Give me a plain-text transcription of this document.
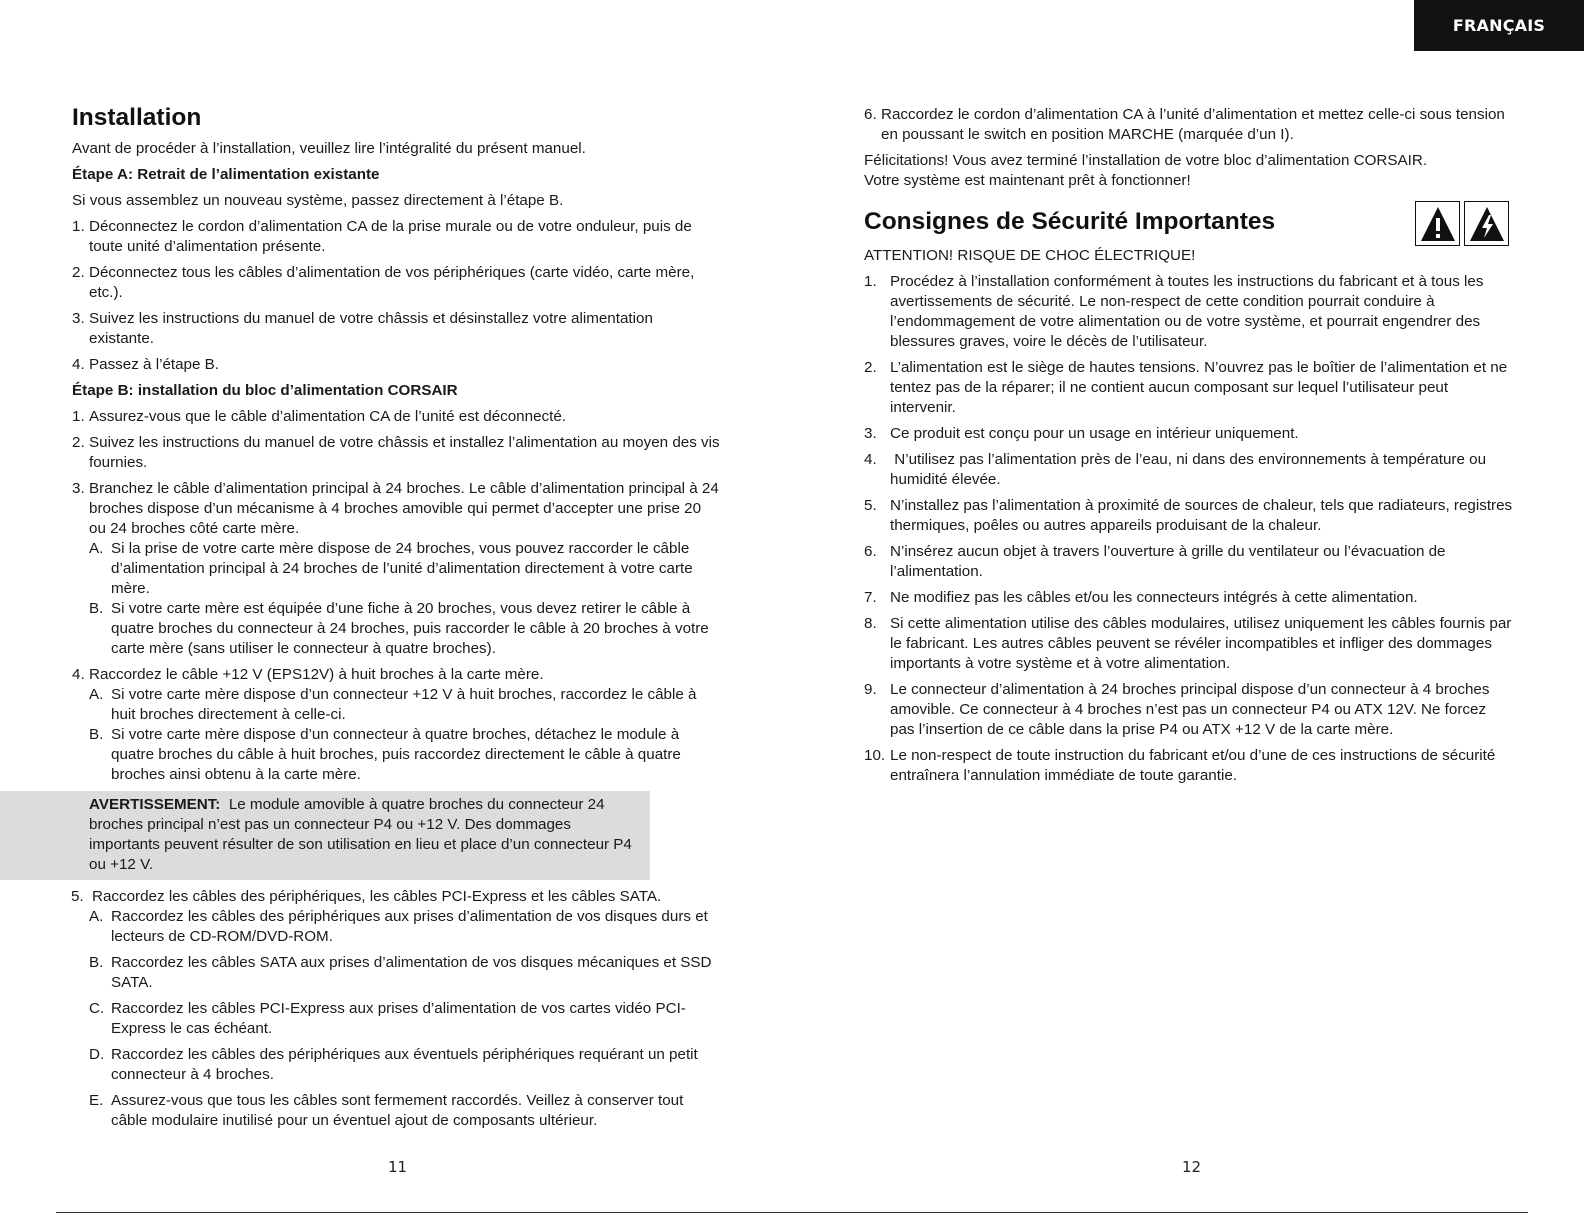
FRANÇAIS

Installation

Avant de procéder à l’installation, veuillez lire l’intégralité du présent manuel.

Étape A: Retrait de l’alimentation existante

Si vous assemblez un nouveau système, passez directement à l’étape B.

1. Déconnectez le cordon d’alimentation CA de la prise murale ou de votre onduleur, puis de toute unité d’alimentation présente.
2. Déconnectez tous les câbles d’alimentation de vos périphériques (carte vidéo, carte mère, etc.).
3. Suivez les instructions du manuel de votre châssis et désinstallez votre alimentation existante.
4. Passez à l’étape B.

Étape B: installation du bloc d’alimentation CORSAIR

1. Assurez-vous que le câble d’alimentation CA de l’unité est déconnecté.
2. Suivez les instructions du manuel de votre châssis et installez l’alimentation au moyen des vis fournies.
3. Branchez le câble d’alimentation principal à 24 broches. Le câble d’alimentation principal à 24 broches dispose d’un mécanisme à 4 broches amovible qui permet d’accepter une prise 20 ou 24 broches côté carte mère.
A. Si la prise de votre carte mère dispose de 24 broches, vous pouvez raccorder le câble d’alimentation principal à 24 broches de l’unité d’alimentation directement à votre carte mère.
B. Si votre carte mère est équipée d’une fiche à 20 broches, vous devez retirer le câble à quatre broches du connecteur à 24 broches, puis raccorder le câble à 20 broches à votre carte mère (sans utiliser le connecteur à quatre broches).
4. Raccordez le câble +12 V (EPS12V) à huit broches à la carte mère.
A. Si votre carte mère dispose d’un connecteur +12 V à huit broches, raccordez le câble à huit broches directement à celle-ci.
B. Si votre carte mère dispose d’un connecteur à quatre broches, détachez le module à quatre broches du câble à huit broches, puis raccordez directement le câble à quatre broches ainsi obtenu à la carte mère.
AVERTISSEMENT: Le module amovible à quatre broches du connecteur 24 broches principal n’est pas un connecteur P4 ou +12 V. Des dommages importants peuvent résulter de son utilisation en lieu et place d’un connecteur P4 ou +12 V.
5. Raccordez les câbles des périphériques, les câbles PCI-Express et les câbles SATA.
A. Raccordez les câbles des périphériques aux prises d’alimentation de vos disques durs et lecteurs de CD-ROM/DVD-ROM.
B. Raccordez les câbles SATA aux prises d’alimentation de vos disques mécaniques et SSD SATA.
C. Raccordez les câbles PCI-Express aux prises d’alimentation de vos cartes vidéo PCI-Express le cas échéant.
D. Raccordez les câbles des périphériques aux éventuels périphériques requérant un petit connecteur à 4 broches.
E. Assurez-vous que tous les câbles sont fermement raccordés. Veillez à conserver tout câble modulaire inutilisé pour un éventuel ajout de composants ultérieur.
6. Raccordez le cordon d’alimentation CA à l’unité d’alimentation et mettez celle-ci sous tension en poussant le switch en position MARCHE (marquée d’un I).

Félicitations! Vous avez terminé l’installation de votre bloc d’alimentation CORSAIR.

Votre système est maintenant prêt à fonctionner!

Consignes de Sécurité Importantes

ATTENTION! RISQUE DE CHOC ÉLECTRIQUE!

1. Procédez à l’installation conformément à toutes les instructions du fabricant et à tous les avertissements de sécurité. Le non-respect de cette condition pourrait conduire à l’endommagement de votre alimentation ou de votre système, et pourrait engendrer des blessures graves, voire le décès de l’utilisateur.
2. L’alimentation est le siège de hautes tensions. N’ouvrez pas le boîtier de l’alimentation et ne tentez pas de la réparer; il ne contient aucun composant sur lequel l’utilisateur peut intervenir.
3. Ce produit est conçu pour un usage en intérieur uniquement.
4. N’utilisez pas l’alimentation près de l’eau, ni dans des environnements à température ou humidité élevée.
5. N’installez pas l’alimentation à proximité de sources de chaleur, tels que radiateurs, registres thermiques, poêles ou autres appareils produisant de la chaleur.
6. N’insérez aucun objet à travers l’ouverture à grille du ventilateur ou l’évacuation de l’alimentation.
7. Ne modifiez pas les câbles et/ou les connecteurs intégrés à cette alimentation.
8. Si cette alimentation utilise des câbles modulaires, utilisez uniquement les câbles fournis par le fabricant. Les autres câbles peuvent se révéler incompatibles et infliger des dommages importants à votre système et à votre alimentation.
9. Le connecteur d’alimentation à 24 broches principal dispose d’un connecteur à 4 broches amovible. Ce connecteur à 4 broches n’est pas un connecteur P4 ou ATX 12V. Ne forcez pas l’insertion de ce câble dans la prise P4 ou ATX +12 V de la carte mère.
10. Le non-respect de toute instruction du fabricant et/ou d’une de ces instructions de sécurité entraînera l’annulation immédiate de toute garantie.
11	12
